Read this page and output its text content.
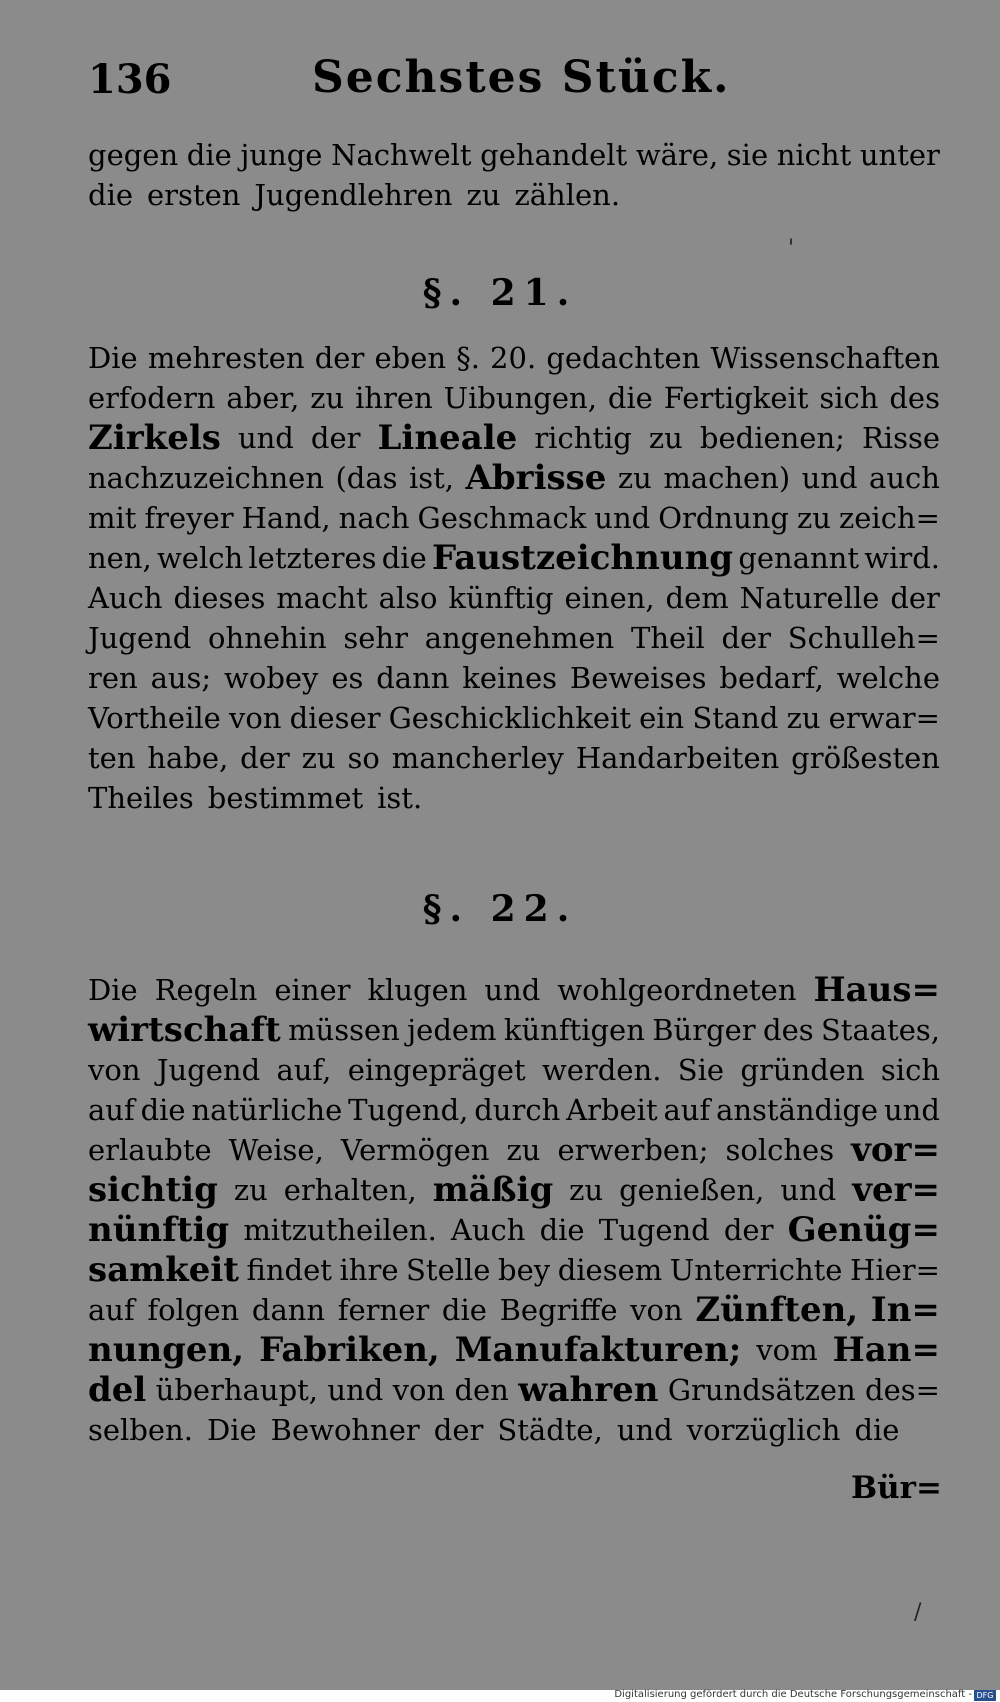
136	Sechstes Stück.
gegen die junge Nachwelt gehandelt wäre, sie nicht unter
die ersten Jugendlehren zu zählen.
§. 21.
Die mehresten der eben §. 20. gedachten Wissenschaften
erfodern aber, zu ihren Uibungen, die Fertigkeit sich des
Zirkels und der Lineale richtig zu bedienen; Risse
nachzuzeichnen (das ist, Abrisse zu machen) und auch
mit freyer Hand, nach Geschmack und Ordnung zu zeich=
nen, welch letzteres die Faustzeichnung genannt wird.
Auch dieses macht also künftig einen, dem Naturelle der
Jugend ohnehin sehr angenehmen Theil der Schulleh=
ren aus; wobey es dann keines Beweises bedarf, welche
Vortheile von dieser Geschicklichkeit ein Stand zu erwar=
ten habe, der zu so mancherley Handarbeiten größesten
Theiles bestimmet ist.
§. 22.
Die Regeln einer klugen und wohlgeordneten Haus=
wirtschaft müssen jedem künftigen Bürger des Staates,
von Jugend auf, eingepräget werden. Sie gründen sich
auf die natürliche Tugend, durch Arbeit auf anständige und
erlaubte Weise, Vermögen zu erwerben; solches vor=
sichtig zu erhalten, mäßig zu genießen, und ver=
nünftig mitzutheilen. Auch die Tugend der Genüg=
samkeit findet ihre Stelle bey diesem Unterrichte Hier=
auf folgen dann ferner die Begriffe von Zünften, In=
nungen, Fabriken, Manufakturen; vom Han=
del überhaupt, und von den wahren Grundsätzen des=
selben. Die Bewohner der Städte, und vorzüglich die
Bür=
'
/
Digitalisierung gefördert durch die Deutsche Forschungsgemeinschaft - DFG
